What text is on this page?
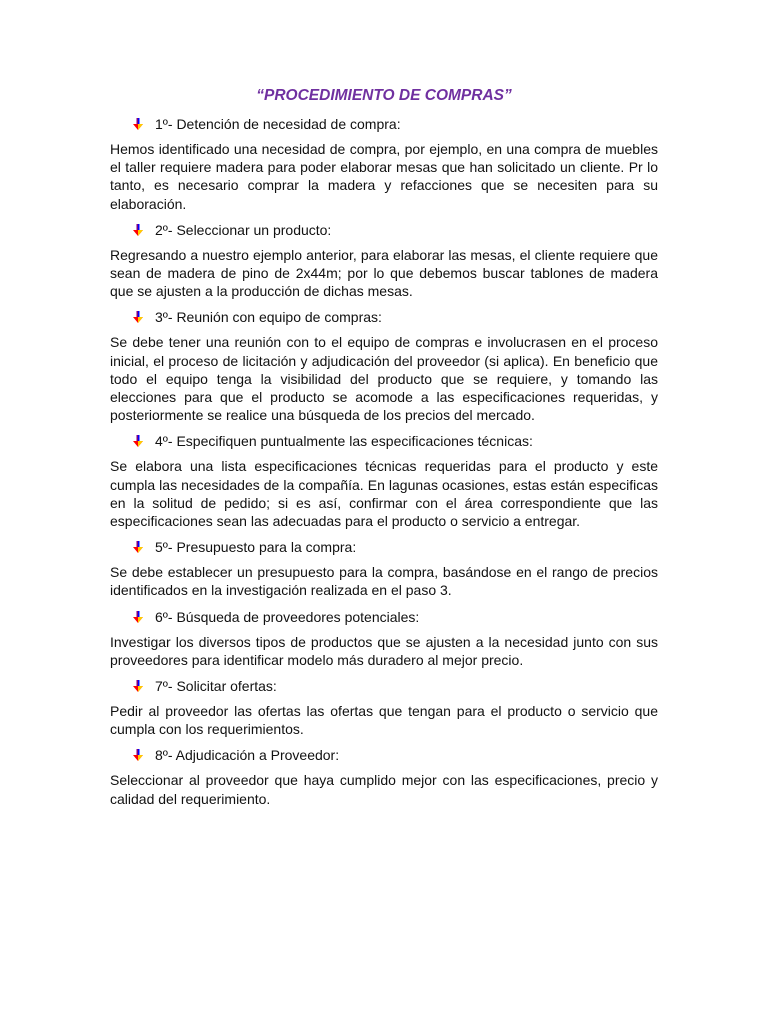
“PROCEDIMIENTO DE COMPRAS”
1º- Detención de necesidad de compra:

Hemos identificado una necesidad de compra, por ejemplo, en una compra de muebles el taller requiere madera para poder elaborar mesas que han solicitado un cliente. Pr lo tanto, es necesario comprar la madera y refacciones que se necesiten para su elaboración.

2º- Seleccionar un producto:

Regresando a nuestro ejemplo anterior, para elaborar las mesas, el cliente requiere que sean de madera de pino de 2x44m; por lo que debemos buscar tablones de madera que se ajusten a la producción de dichas mesas.

3º- Reunión con equipo de compras:

Se debe tener una reunión con to el equipo de compras e involucrasen en el proceso inicial, el proceso de licitación y adjudicación del proveedor (si aplica). En beneficio que todo el equipo tenga la visibilidad del producto que se requiere, y tomando las elecciones para que el producto se acomode a las especificaciones requeridas, y posteriormente se realice una búsqueda de los precios del mercado.

4º- Especifiquen puntualmente las especificaciones técnicas:

Se elabora una lista especificaciones técnicas requeridas para el producto y este cumpla las necesidades de la compañía. En lagunas ocasiones, estas están especificas en la solitud de pedido; si es así, confirmar con el área correspondiente que las especificaciones sean las adecuadas para el producto o servicio a entregar.

5º- Presupuesto para la compra:

Se debe establecer un presupuesto para la compra, basándose en el rango de precios identificados en la investigación realizada en el paso 3.

6º- Búsqueda de proveedores potenciales:

Investigar los diversos tipos de productos que se ajusten a la necesidad junto con sus proveedores para identificar modelo más duradero al mejor precio.

7º- Solicitar ofertas:

Pedir al proveedor las ofertas las ofertas que tengan para el producto o servicio que cumpla con los requerimientos.

8º- Adjudicación a Proveedor:

Seleccionar al proveedor que haya cumplido mejor con las especificaciones, precio y calidad del requerimiento.
